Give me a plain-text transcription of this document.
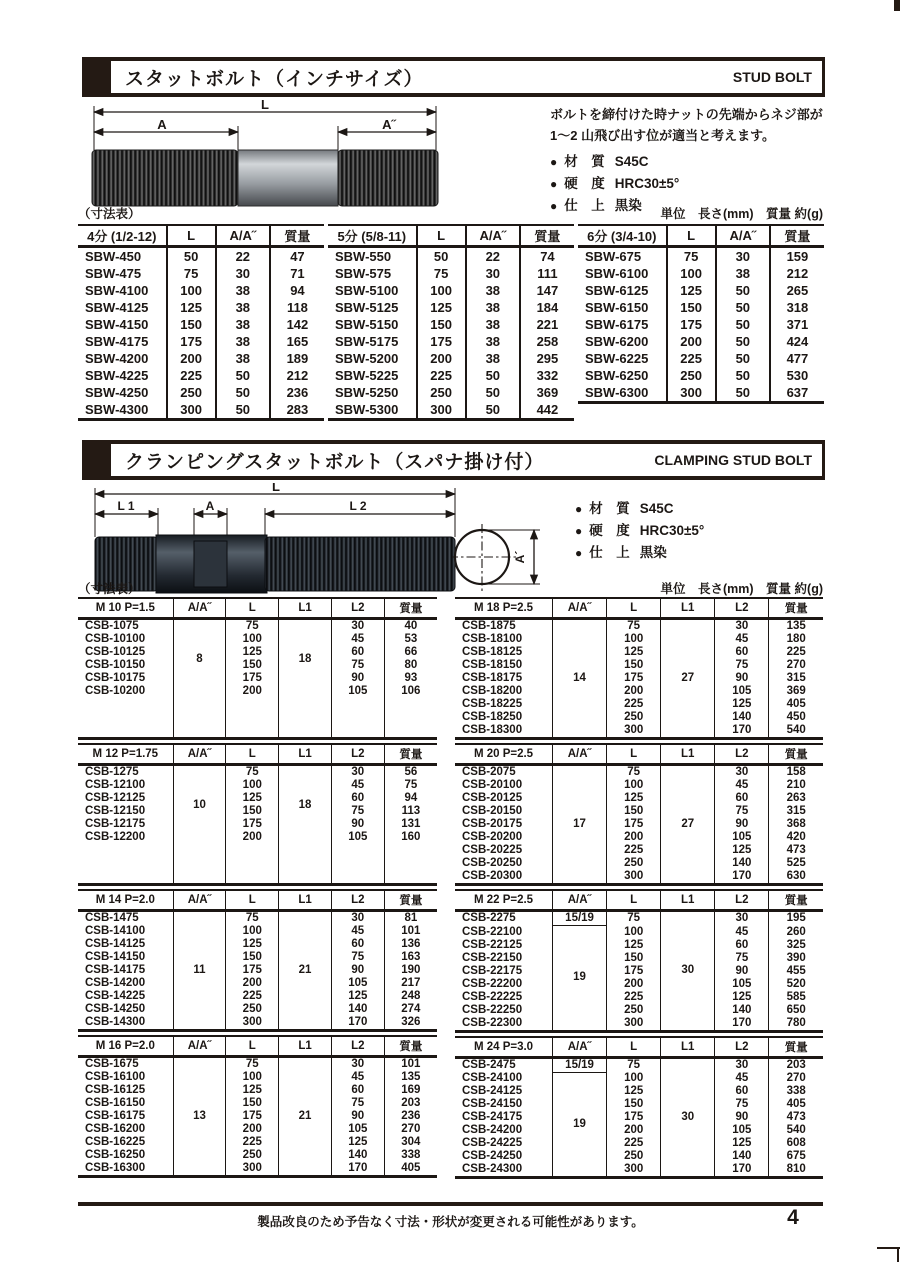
スタットボルト（インチサイズ）	STUD BOLT
L
A	A˝
ボルトを締付けた時ナットの先端からネジ部が
1～2 山飛び出す位が適当と考えます。
● 材　質 S45C
● 硬　度 HRC30±5°
● 仕　上 黒染
（寸法表）	単位　長さ(mm)　質量 約(g)
4分 (1/2-12)	L	A/A˝	質量
SBW-450	50	22	47
SBW-475	75	30	71
SBW-4100	100	38	94
SBW-4125	125	38	118
SBW-4150	150	38	142
SBW-4175	175	38	165
SBW-4200	200	38	189
SBW-4225	225	50	212
SBW-4250	250	50	236
SBW-4300	300	50	283
5分 (5/8-11)	L	A/A˝	質量
SBW-550	50	22	74
SBW-575	75	30	111
SBW-5100	100	38	147
SBW-5125	125	38	184
SBW-5150	150	38	221
SBW-5175	175	38	258
SBW-5200	200	38	295
SBW-5225	225	50	332
SBW-5250	250	50	369
SBW-5300	300	50	442
6分 (3/4-10)	L	A/A˝	質量
SBW-675	75	30	159
SBW-6100	100	38	212
SBW-6125	125	50	265
SBW-6150	150	50	318
SBW-6175	175	50	371
SBW-6200	200	50	424
SBW-6225	225	50	477
SBW-6250	250	50	530
SBW-6300	300	50	637
クランピングスタットボルト（スパナ掛け付）	CLAMPING STUD BOLT
L
L 1	A	L 2
A´
● 材　質 S45C
● 硬　度 HRC30±5°
● 仕　上 黒染
（寸法表）	単位　長さ(mm)　質量 約(g)
M 10 P=1.5	A/A˝	L	L1	L2	質量
CSB-1075	8	75	18	30	40
CSB-10100		100		45	53
CSB-10125		125		60	66
CSB-10150		150		75	80
CSB-10175		175		90	93
CSB-10200		200		105	106

M 12 P=1.75	A/A˝	L	L1	L2	質量
CSB-1275	10	75	18	30	56
CSB-12100		100		45	75
CSB-12125		125		60	94
CSB-12150		150		75	113
CSB-12175		175		90	131
CSB-12200		200		105	160

M 14 P=2.0	A/A˝	L	L1	L2	質量
CSB-1475	11	75	21	30	81
CSB-14100		100		45	101
CSB-14125		125		60	136
CSB-14150		150		75	163
CSB-14175		175		90	190
CSB-14200		200		105	217
CSB-14225		225		125	248
CSB-14250		250		140	274
CSB-14300		300		170	326
M 16 P=2.0	A/A˝	L	L1	L2	質量
CSB-1675	13	75	21	30	101
CSB-16100		100		45	135
CSB-16125		125		60	169
CSB-16150		150		75	203
CSB-16175		175		90	236
CSB-16200		200		105	270
CSB-16225		225		125	304
CSB-16250		250		140	338
CSB-16300		300		170	405
M 18 P=2.5	A/A˝	L	L1	L2	質量
CSB-1875	14	75	27	30	135
CSB-18100		100		45	180
CSB-18125		125		60	225
CSB-18150		150		75	270
CSB-18175		175		90	315
CSB-18200		200		105	369
CSB-18225		225		125	405
CSB-18250		250		140	450
CSB-18300		300		170	540
M 20 P=2.5	A/A˝	L	L1	L2	質量
CSB-2075	17	75	27	30	158
CSB-20100		100		45	210
CSB-20125		125		60	263
CSB-20150		150		75	315
CSB-20175		175		90	368
CSB-20200		200		105	420
CSB-20225		225		125	473
CSB-20250		250		140	525
CSB-20300		300		170	630
M 22 P=2.5	A/A˝	L	L1	L2	質量
CSB-2275	15/19	75	30	30	195
CSB-22100	19	100		45	260
CSB-22125		125		60	325
CSB-22150		150		75	390
CSB-22175		175		90	455
CSB-22200		200		105	520
CSB-22225		225		125	585
CSB-22250		250		140	650
CSB-22300		300		170	780
M 24 P=3.0	A/A˝	L	L1	L2	質量
CSB-2475	15/19	75	30	30	203
CSB-24100	19	100		45	270
CSB-24125		125		60	338
CSB-24150		150		75	405
CSB-24175		175		90	473
CSB-24200		200		105	540
CSB-24225		225		125	608
CSB-24250		250		140	675
CSB-24300		300		170	810
製品改良のため予告なく寸法・形状が変更される可能性があります。	4
